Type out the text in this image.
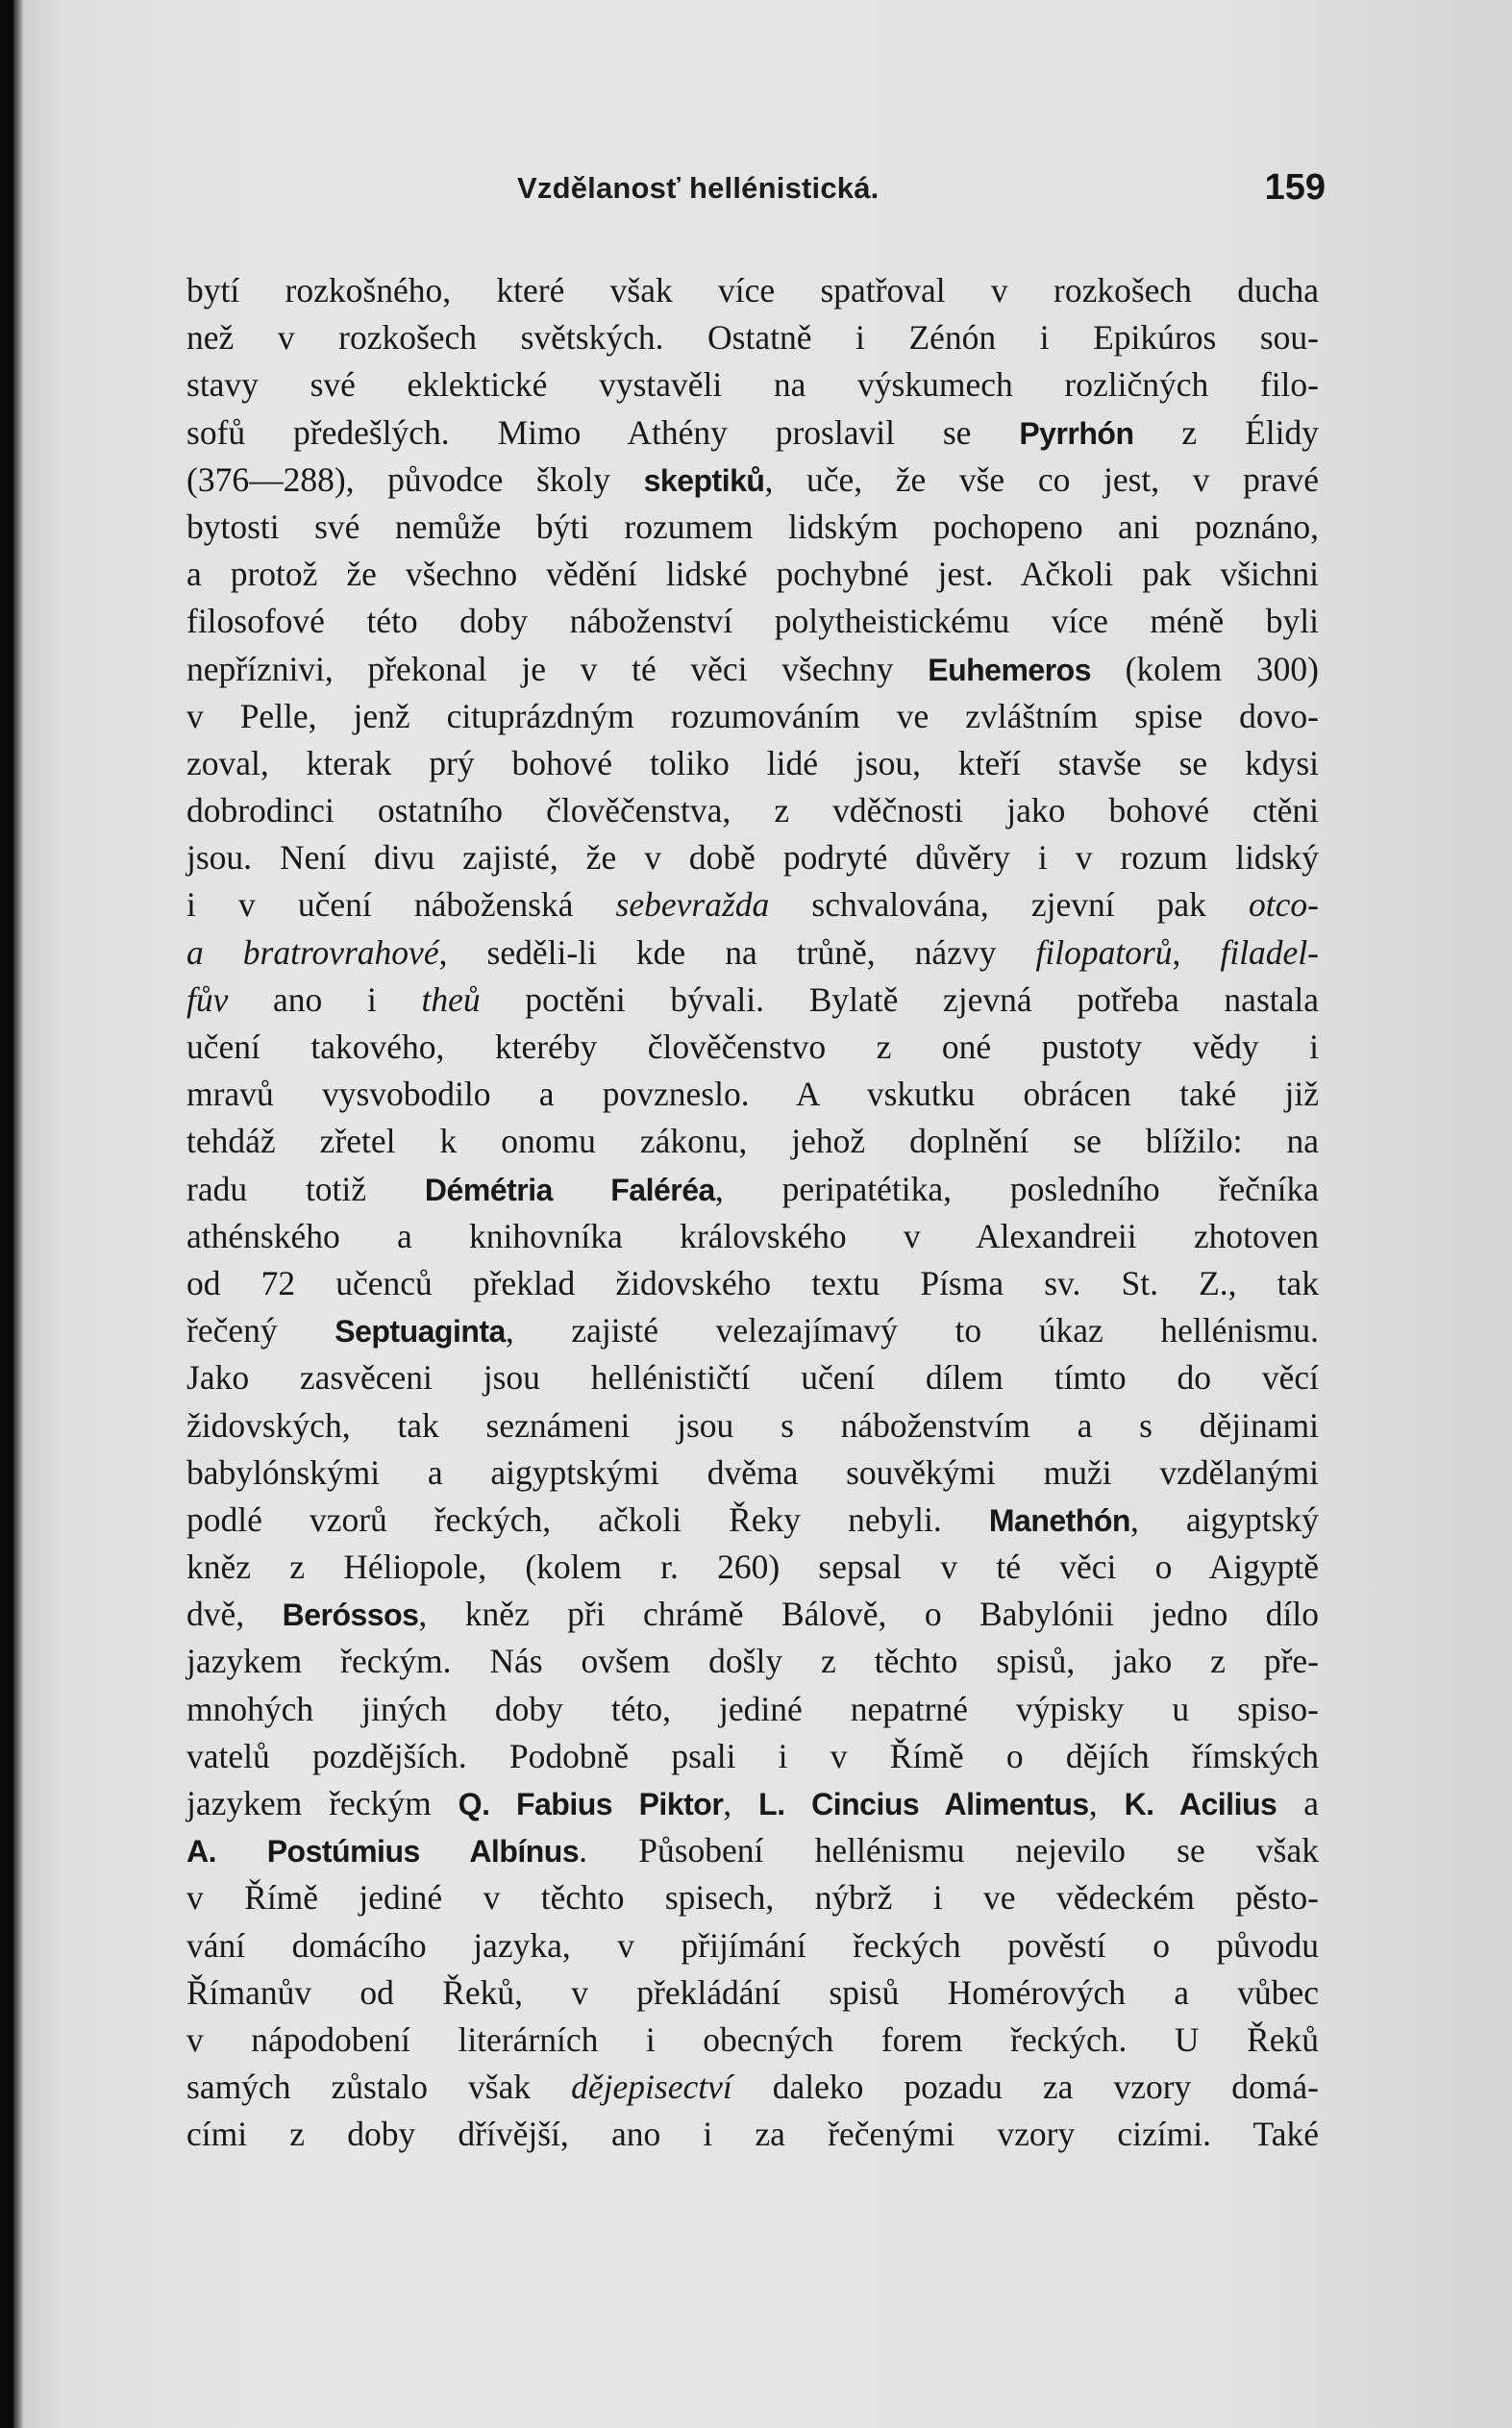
Vzdělanosť hellénistická.	159
bytí rozkošného, které však více spatřoval v rozkošech ducha
než v rozkošech světských. Ostatně i Zénón i Epikúros sou-
stavy své eklektické vystavěli na výskumech rozličných filo-
sofů předešlých. Mimo Athény proslavil se Pyrrhón z Élidy
(376—288), původce školy skeptiků, uče, že vše co jest, v pravé
bytosti své nemůže býti rozumem lidským pochopeno ani poznáno,
a protož že všechno vědění lidské pochybné jest. Ačkoli pak všichni
filosofové této doby náboženství polytheistickému více méně byli
nepříznivi, překonal je v té věci všechny Euhemeros (kolem 300)
v Pelle, jenž cituprázdným rozumováním ve zvláštním spise dovo-
zoval, kterak prý bohové toliko lidé jsou, kteří stavše se kdysi
dobrodinci ostatního člověčenstva, z vděčnosti jako bohové ctěni
jsou. Není divu zajisté, že v době podryté důvěry i v rozum lidský
i v učení náboženská sebevražda schvalována, zjevní pak otco-
a bratrovrahové, seděli-li kde na trůně, názvy filopatorů, filadel-
fův ano i theů poctěni bývali. Bylatě zjevná potřeba nastala
učení takového, kteréby člověčenstvo z oné pustoty vědy i
mravů vysvobodilo a povzneslo. A vskutku obrácen také již
tehdáž zřetel k onomu zákonu, jehož doplnění se blížilo: na
radu totiž Démétria Faléréa, peripatétika, posledního řečníka
athénského a knihovníka královského v Alexandreii zhotoven
od 72 učenců překlad židovského textu Písma sv. St. Z., tak
řečený Septuaginta, zajisté velezajímavý to úkaz hellénismu.
Jako zasvěceni jsou hellénističtí učení dílem tímto do věcí
židovských, tak seznámeni jsou s náboženstvím a s dějinami
babylónskými a aigyptskými dvěma souvěkými muži vzdělanými
podlé vzorů řeckých, ačkoli Řeky nebyli. Manethón, aigyptský
kněz z Héliopole, (kolem r. 260) sepsal v té věci o Aigyptě
dvě, Beróssos, kněz při chrámě Bálově, o Babylónii jedno dílo
jazykem řeckým. Nás ovšem došly z těchto spisů, jako z pře-
mnohých jiných doby této, jediné nepatrné výpisky u spiso-
vatelů pozdějších. Podobně psali i v Římě o dějích římských
jazykem řeckým Q. Fabius Piktor, L. Cincius Alimentus, K. Acilius a
A. Postúmius Albínus. Působení hellénismu nejevilo se však
v Římě jediné v těchto spisech, nýbrž i ve vědeckém pěsto-
vání domácího jazyka, v přijímání řeckých pověstí o původu
Římanův od Řeků, v překládání spisů Homérových a vůbec
v nápodobení literárních i obecných forem řeckých. U Řeků
samých zůstalo však dějepisectví daleko pozadu za vzory domá-
cími z doby dřívější, ano i za řečenými vzory cizími. Také
